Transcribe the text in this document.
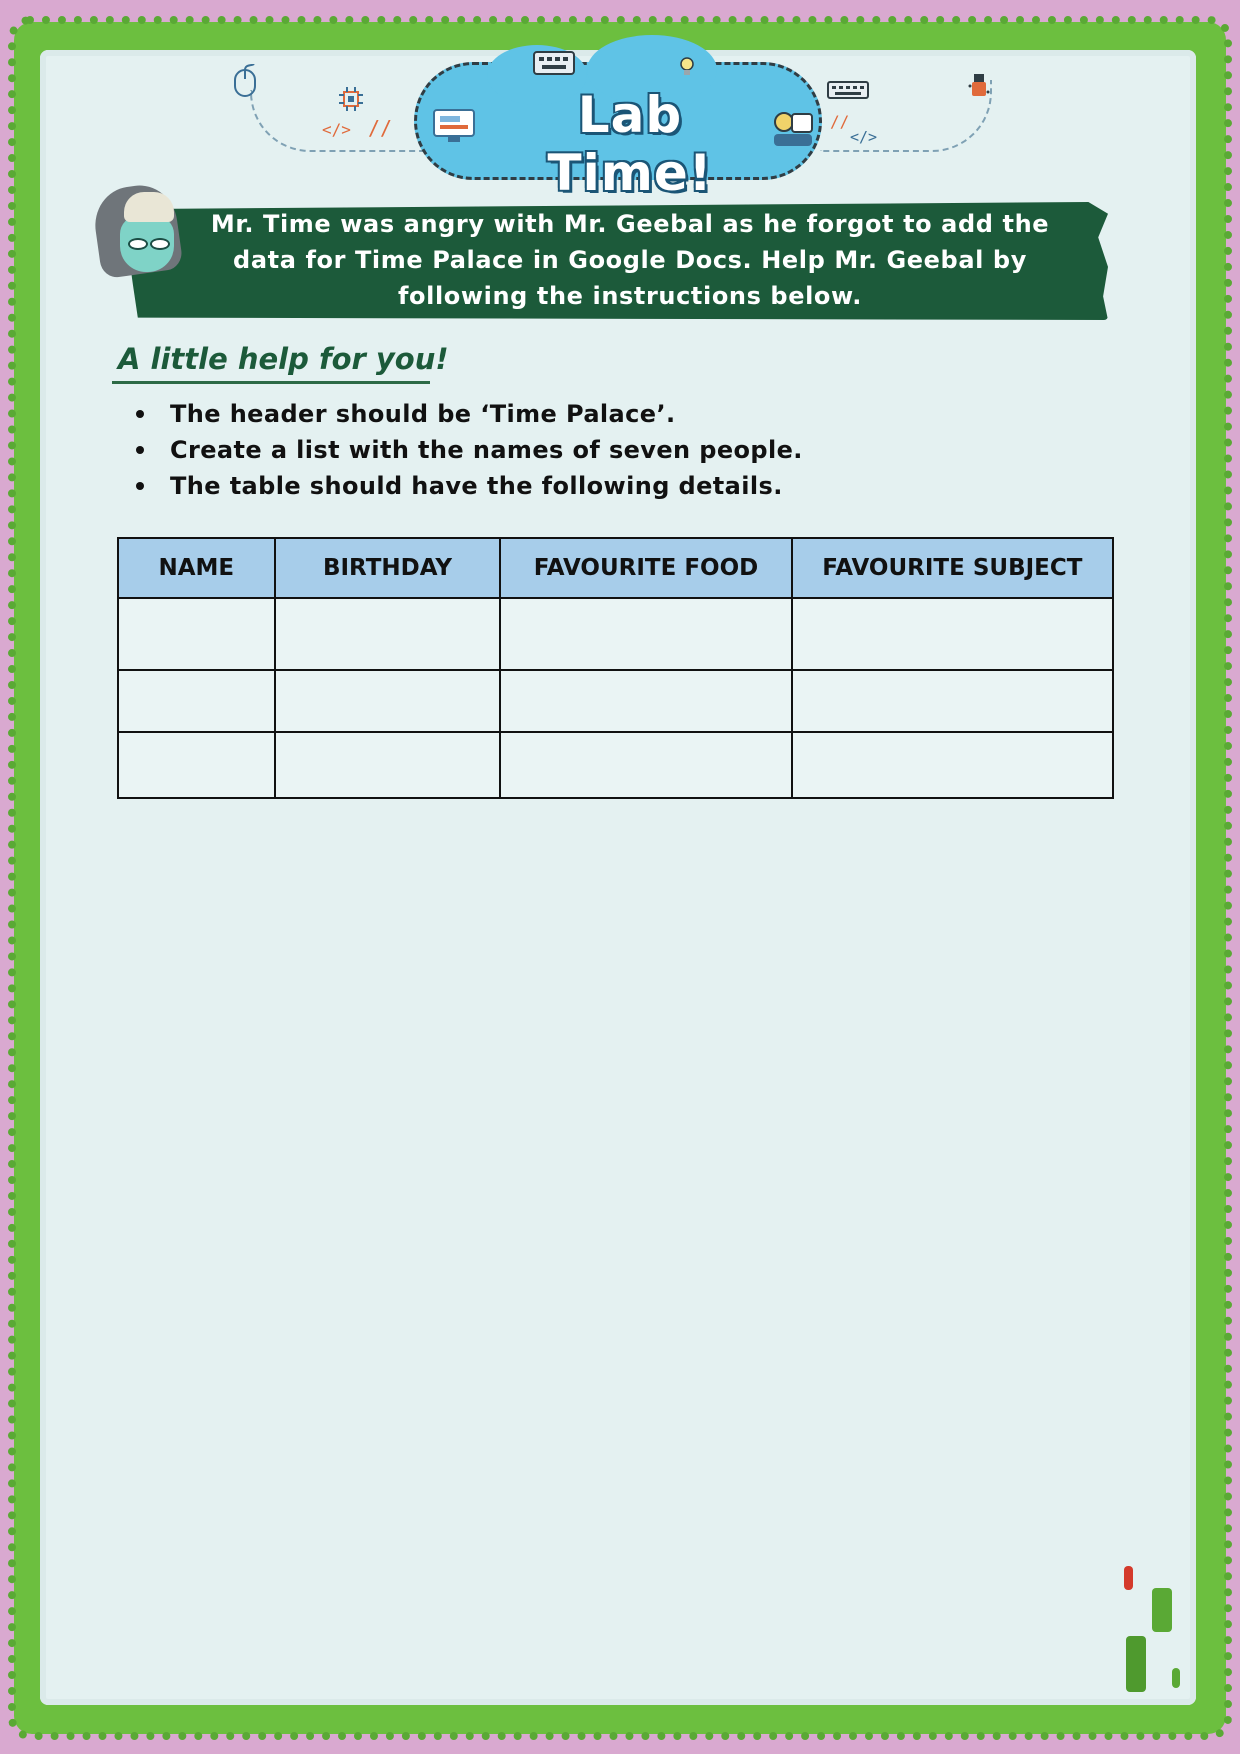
</> //	//
</>
Lab Time!
Mr. Time was angry with Mr. Geebal as he forgot to add the data for Time Palace in Google Docs. Help Mr. Geebal by following the instructions below.
A little help for you!
The header should be ‘Time Palace’.
Create a list with the names of seven people.
The table should have the following details.
NAME	BIRTHDAY	FAVOURITE FOOD	FAVOURITE SUBJECT
